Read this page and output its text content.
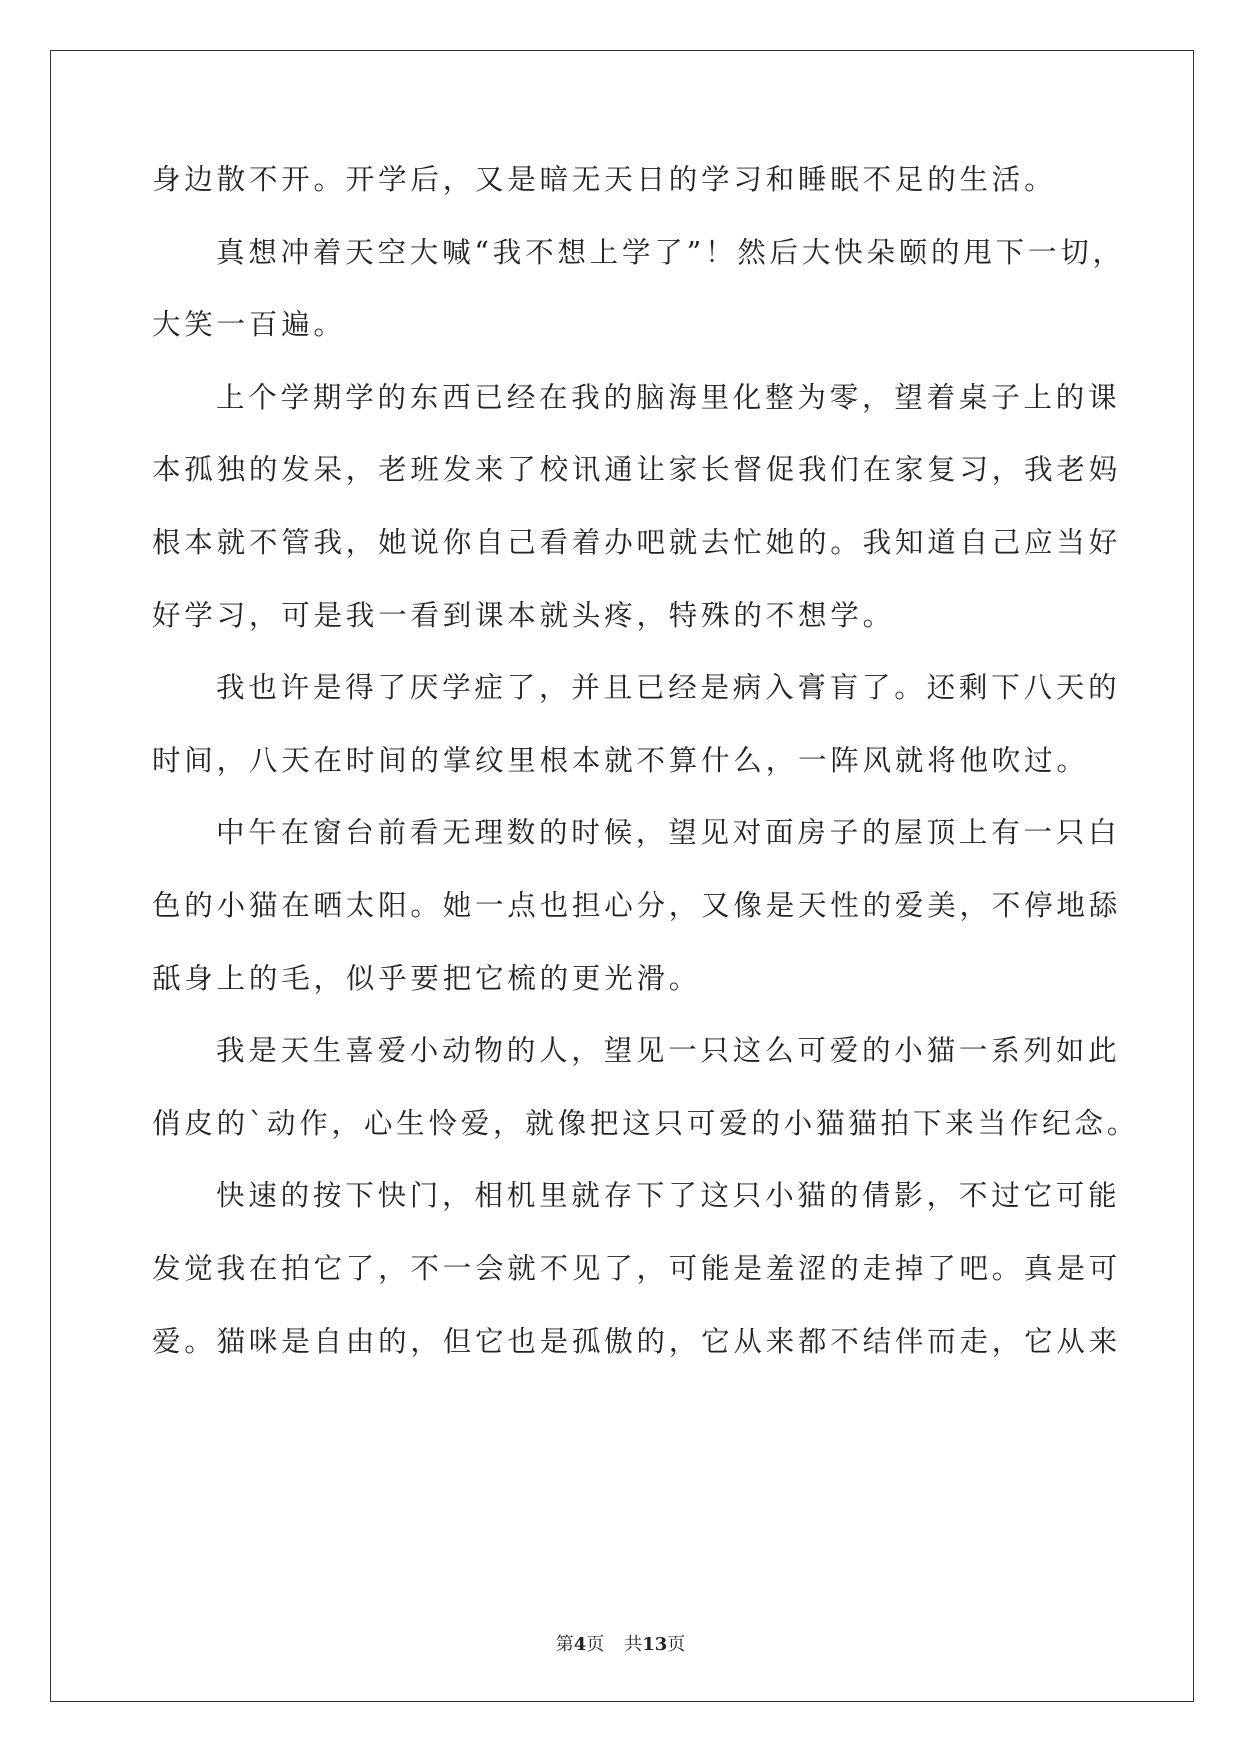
身边散不开。开学后，又是暗无天日的学习和睡眠不足的生活。
真想冲着天空大喊“我不想上学了”！然后大快朵颐的甩下一切，
大笑一百遍。
上个学期学的东西已经在我的脑海里化整为零，望着桌子上的课
本孤独的发呆，老班发来了校讯通让家长督促我们在家复习，我老妈
根本就不管我，她说你自己看着办吧就去忙她的。我知道自己应当好
好学习，可是我一看到课本就头疼，特殊的不想学。
我也许是得了厌学症了，并且已经是病入膏肓了。还剩下八天的
时间，八天在时间的掌纹里根本就不算什么，一阵风就将他吹过。
中午在窗台前看无理数的时候，望见对面房子的屋顶上有一只白
色的小猫在晒太阳。她一点也担心分，又像是天性的爱美，不停地舔
舐身上的毛，似乎要把它梳的更光滑。
我是天生喜爱小动物的人，望见一只这么可爱的小猫一系列如此
俏皮的`动作，心生怜爱，就像把这只可爱的小猫猫拍下来当作纪念。
快速的按下快门，相机里就存下了这只小猫的倩影，不过它可能
发觉我在拍它了，不一会就不见了，可能是羞涩的走掉了吧。真是可
爱。猫咪是自由的，但它也是孤傲的，它从来都不结伴而走，它从来
第4页 共13页
